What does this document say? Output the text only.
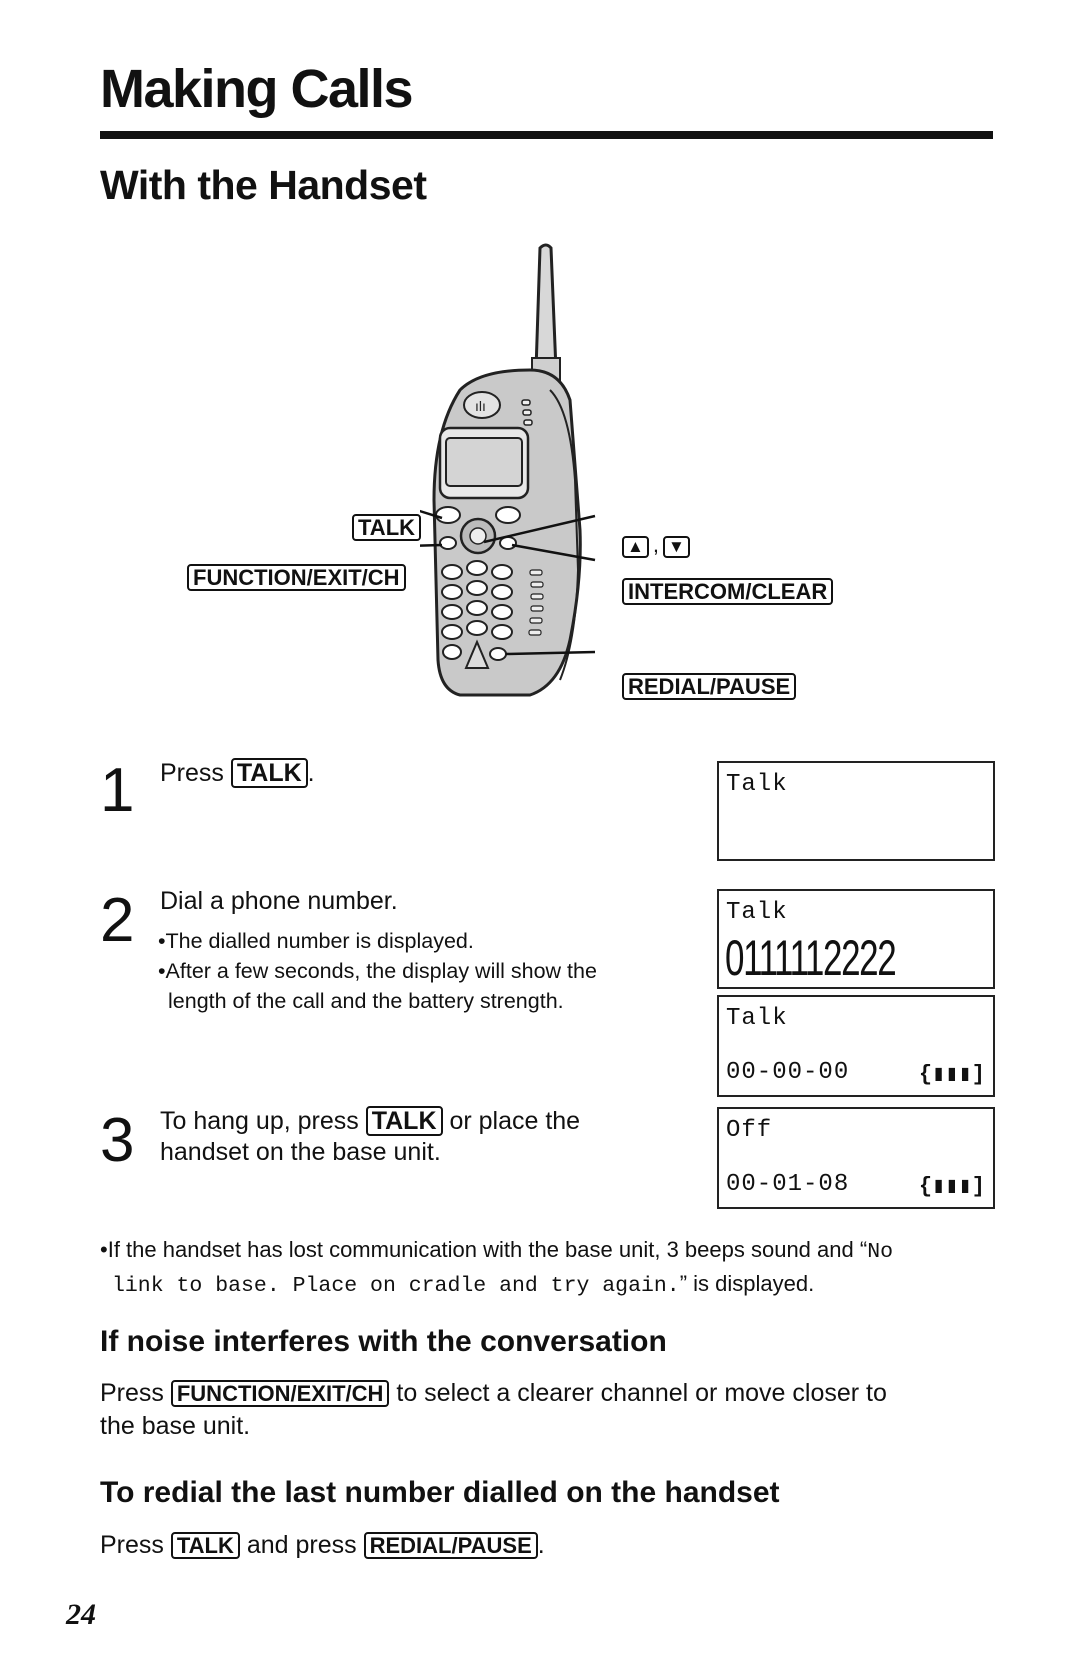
Making Calls
With the Handset
ılı
TALK
FUNCTION/EXIT/CH
▲ , ▼
INTERCOM/CLEAR
REDIAL/PAUSE
1 Press TALK .
2 Dial a phone number.
•The dialled number is displayed.
•After a few seconds, the display will show the
length of the call and the battery strength.
3 To hang up, press TALK or place the
handset on the base unit.
Talk
Talk
0111112222
Talk
00-00-00	{▮▮▮]
Off
00-01-08	{▮▮▮]
•If the handset has lost communication with the base unit, 3 beeps sound and “No
link to base. Place on cradle and try again.” is displayed.
If noise interferes with the conversation
Press FUNCTION/EXIT/CH to select a clearer channel or move closer to
the base unit.
To redial the last number dialled on the handset
Press TALK and press REDIAL/PAUSE .
24
